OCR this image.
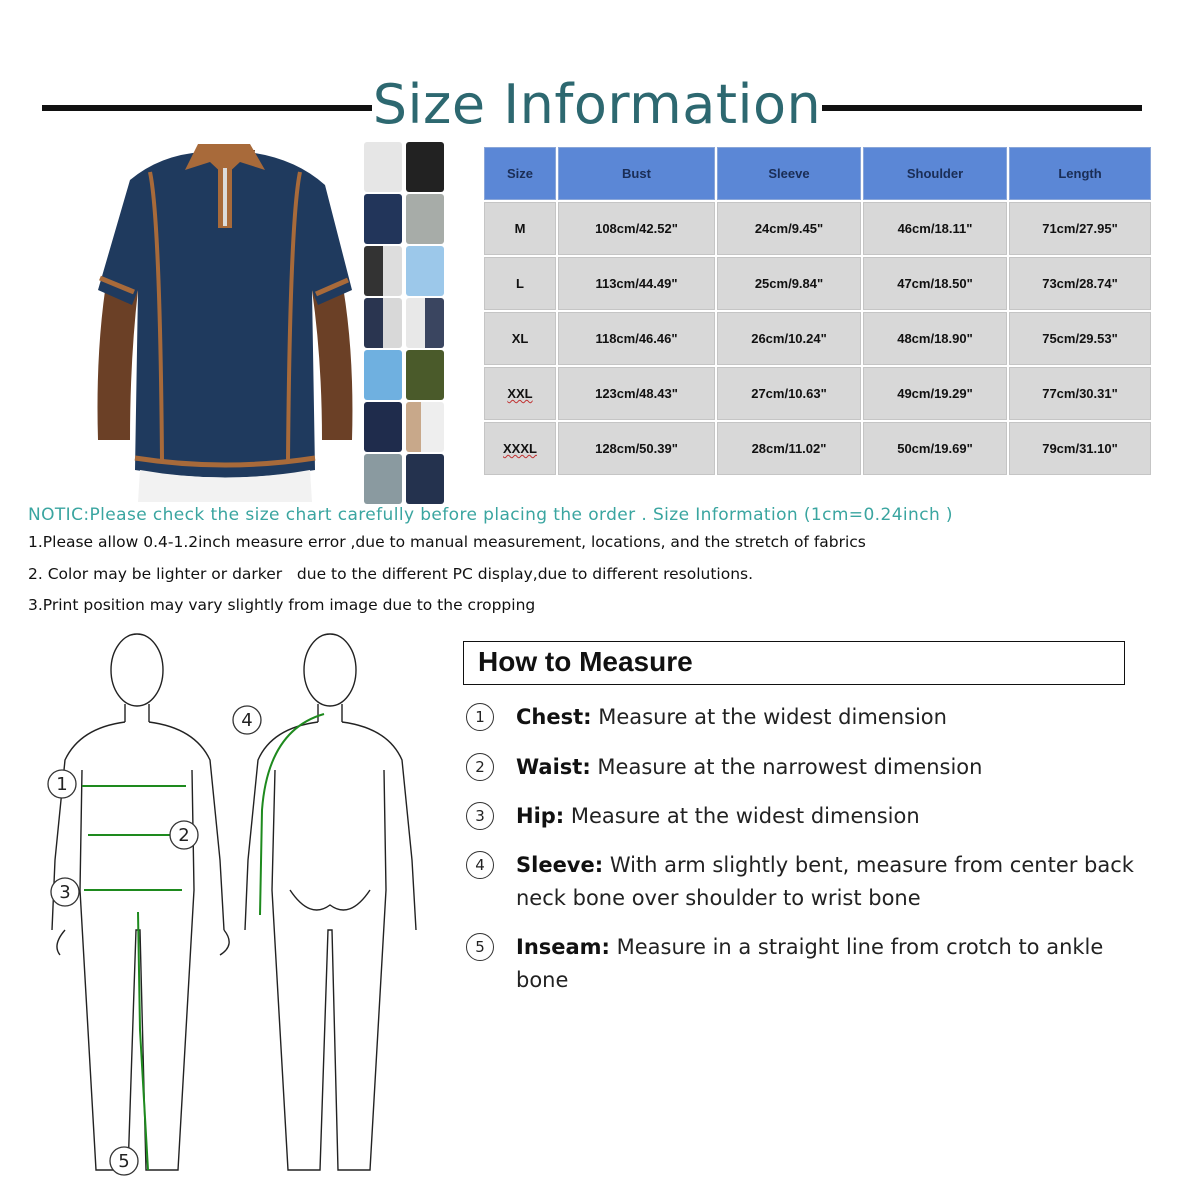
Size Information
Size	Bust	Sleeve	Shoulder	Length
M	108cm/42.52"	24cm/9.45"	46cm/18.11"	71cm/27.95"
L	113cm/44.49"	25cm/9.84"	47cm/18.50"	73cm/28.74"
XL	118cm/46.46"	26cm/10.24"	48cm/18.90"	75cm/29.53"
XXL	123cm/48.43"	27cm/10.63"	49cm/19.29"	77cm/30.31"
XXXL	128cm/50.39"	28cm/11.02"	50cm/19.69"	79cm/31.10"
NOTIC:Please check the size chart carefully before placing the order . Size Information (1cm=0.24inch )
1.Please allow 0.4-1.2inch measure error ,due to manual measurement, locations, and the stretch of fabrics
2. Color may be lighter or darker   due to the different PC display,due to different resolutions.
3.Print position may vary slightly from image due to the cropping
1
2
3
4
5
How to Measure
1	Chest: Measure at the widest dimension
2	Waist: Measure at the narrowest dimension
3	Hip: Measure at the widest dimension
4	Sleeve: With arm slightly bent, measure from center back neck bone over shoulder to wrist bone
5	Inseam: Measure in a straight line from crotch to ankle bone
